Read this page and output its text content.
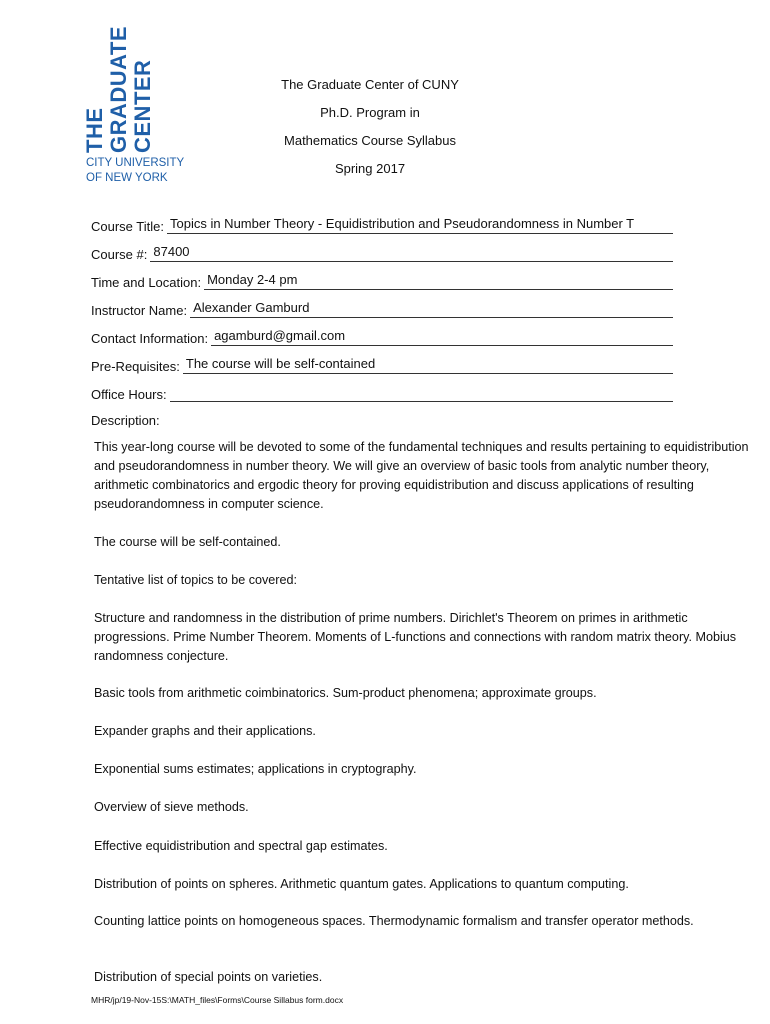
THE GRADUATE CENTER
CITY UNIVERSITY
OF NEW YORK
The Graduate Center of CUNY
Ph.D. Program in
Mathematics Course Syllabus
Spring 2017
Course Title: Topics in Number Theory - Equidistribution and Pseudorandomness in Number T
Course #: 87400
Time and Location: Monday 2-4 pm
Instructor Name: Alexander Gamburd
Contact Information: agamburd@gmail.com
Pre-Requisites: The course will be self-contained
Office Hours:
Description:
This year-long course will be devoted to some of the fundamental techniques and results pertaining to equidistribution and pseudorandomness in number theory. We will give an overview of basic tools from analytic number theory, arithmetic combinatorics and ergodic theory for proving equidistribution and discuss applications of resulting pseudorandomness in computer science.
The course will be self-contained.
Tentative list of topics to be covered:
Structure and randomness in the distribution of prime numbers. Dirichlet's Theorem on primes in arithmetic progressions. Prime Number Theorem. Moments of L-functions and connections with random matrix theory. Mobius randomness conjecture.
Basic tools from arithmetic coimbinatorics. Sum-product phenomena; approximate groups.
Expander graphs and their applications.
Exponential sums estimates; applications in cryptography.
Overview of sieve methods.
Effective equidistribution and spectral gap estimates.
Distribution of points on spheres. Arithmetic quantum gates. Applications to quantum computing.
Counting lattice points on homogeneous spaces. Thermodynamic formalism and transfer operator methods.
Distribution of special points on varieties.
MHR/jp/19-Nov-15S:\MATH_files\Forms\Course Sillabus form.docx
